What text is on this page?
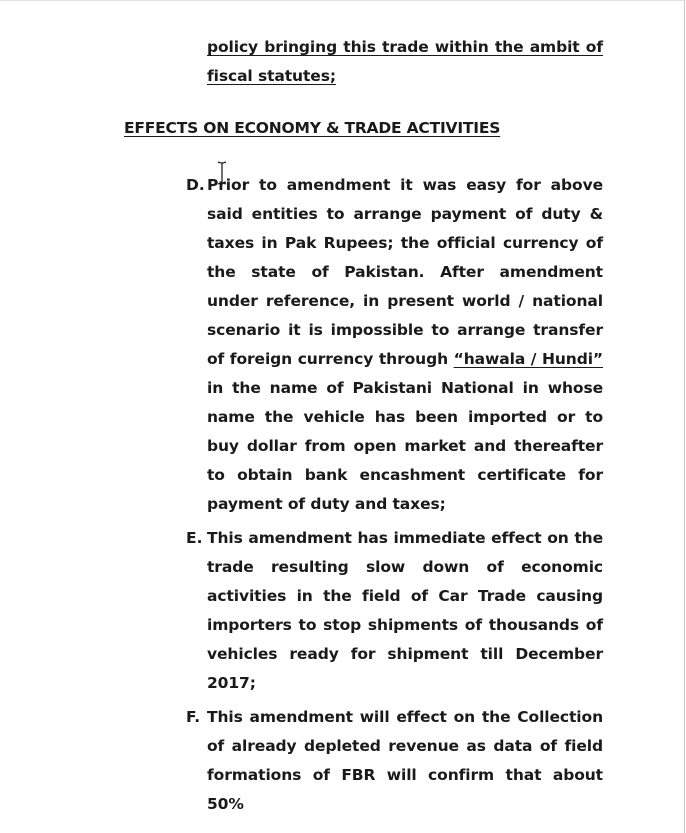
policy bringing this trade within the ambit of fiscal statutes;
EFFECTS ON ECONOMY & TRADE ACTIVITIES
D. Prior to amendment it was easy for above said entities to arrange payment of duty & taxes in Pak Rupees; the official currency of the state of Pakistan. After amendment under reference, in present world / national scenario it is impossible to arrange transfer of foreign currency through “hawala / Hundi” in the name of Pakistani National in whose name the vehicle has been imported or to buy dollar from open market and thereafter to obtain bank encashment certificate for payment of duty and taxes;
E. This amendment has immediate effect on the trade resulting slow down of economic activities in the field of Car Trade causing importers to stop shipments of thousands of vehicles ready for shipment till December 2017;
F. This amendment will effect on the Collection of already depleted revenue as data of field formations of FBR will confirm that about 50%
